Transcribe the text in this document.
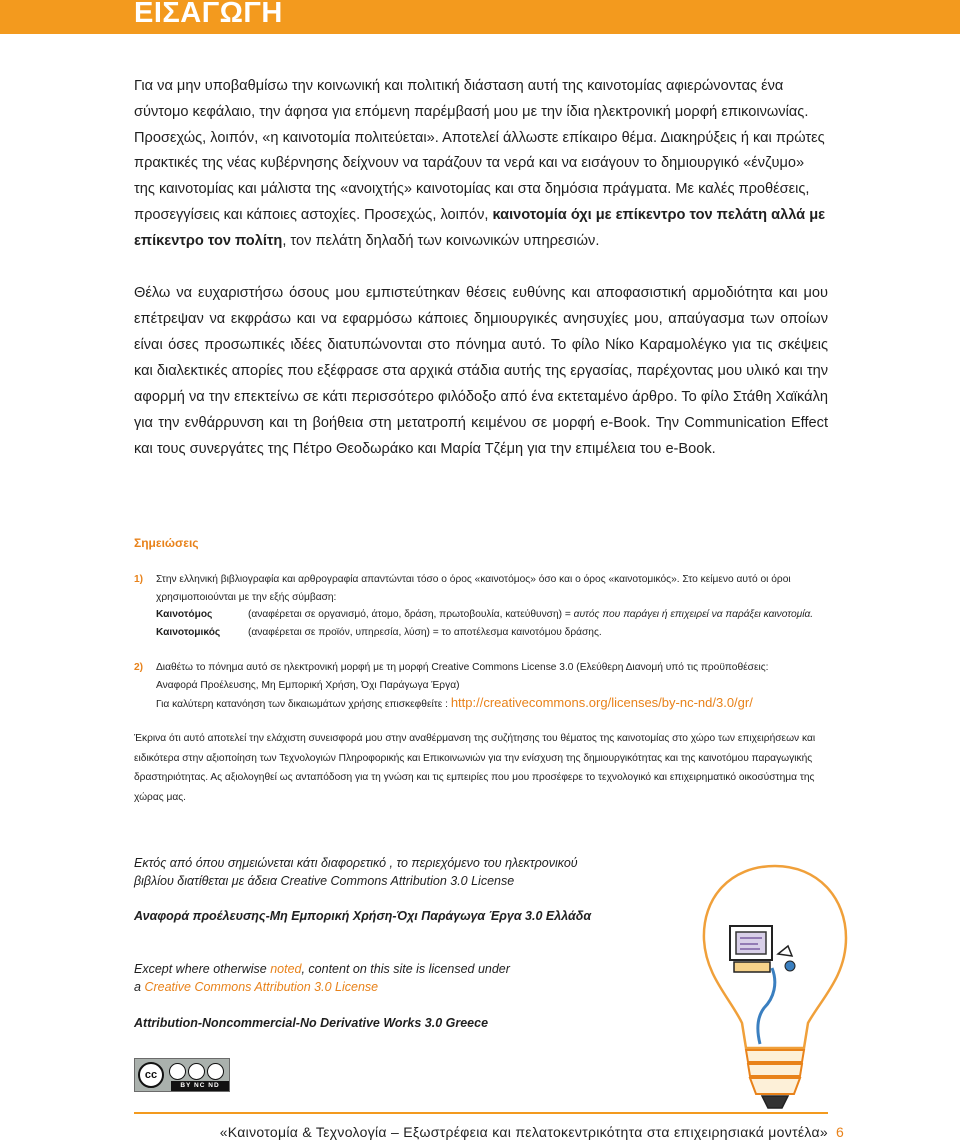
ΕΙΣΑΓΩΓΗ

Για να μην υποβαθμίσω την κοινωνική και πολιτική διάσταση αυτή της καινοτομίας αφιερώνοντας ένα σύντομο κεφάλαιο, την άφησα για επόμενη παρέμβασή μου με την ίδια ηλεκτρονική μορφή επικοινωνίας. Προσεχώς, λοιπόν, «η καινοτομία πολιτεύεται». Αποτελεί άλλωστε επίκαιρο θέμα. Διακηρύξεις ή και πρώτες πρακτικές της νέας κυβέρνησης δείχνουν να ταράζουν τα νερά και να εισάγουν το δημιουργικό «ένζυμο» της καινοτομίας και μάλιστα της «ανοιχτής» καινοτομίας και στα δημόσια πράγματα. Με καλές προθέσεις, προσεγγίσεις και κάποιες αστοχίες. Προσεχώς, λοιπόν, καινοτομία όχι με επίκεντρο τον πελάτη αλλά με επίκεντρο τον πολίτη, τον πελάτη δηλαδή των κοινωνικών υπηρεσιών.

Θέλω να ευχαριστήσω όσους μου εμπιστεύτηκαν θέσεις ευθύνης και αποφασιστική αρμοδιότητα και μου επέτρεψαν να εκφράσω και να εφαρμόσω κάποιες δημιουργικές ανησυχίες μου, απαύγασμα των οποίων είναι όσες προσωπικές ιδέες διατυπώνονται στο πόνημα αυτό. Το φίλο Νίκο Καραμολέγκο για τις σκέψεις και διαλεκτικές απορίες που εξέφρασε στα αρχικά στάδια αυτής της εργασίας, παρέχοντας μου υλικό και την αφορμή να την επεκτείνω σε κάτι περισσότερο φιλόδοξο από ένα εκτεταμένο άρθρο. Το φίλο Στάθη Χαϊκάλη για την ενθάρρυνση και τη βοήθεια στη μετατροπή κειμένου σε μορφή e-Book. Την Communication Effect και τους συνεργάτες της Πέτρο Θεοδωράκο και Μαρία Τζέμη για την επιμέλεια του e-Book.

Σημειώσεις

1) Στην ελληνική βιβλιογραφία και αρθρογραφία απαντώνται τόσο ο όρος «καινοτόμος» όσο και ο όρος «καινοτομικός». Στο κείμενο αυτό οι όροι χρησιμοποιούνται με την εξής σύμβαση:
Καινοτόμος	(αναφέρεται σε οργανισμό, άτομο, δράση, πρωτοβουλία, κατεύθυνση) = αυτός που παράγει ή επιχειρεί να παράξει καινοτομία.
Καινοτομικός	(αναφέρεται σε προϊόν, υπηρεσία, λύση) = το αποτέλεσμα καινοτόμου δράσης.
2) Διαθέτω το πόνημα αυτό σε ηλεκτρονική μορφή με τη μορφή Creative Commons License 3.0 (Ελεύθερη Διανομή υπό τις προϋποθέσεις:
Αναφορά Προέλευσης, Μη Εμπορική Χρήση, Όχι Παράγωγα Έργα)
Για καλύτερη κατανόηση των δικαιωμάτων χρήσης επισκεφθείτε : http://creativecommons.org/licenses/by-nc-nd/3.0/gr/

Έκρινα ότι αυτό αποτελεί την ελάχιστη συνεισφορά μου στην αναθέρμανση της συζήτησης του θέματος της καινοτομίας στο χώρο των επιχειρήσεων και ειδικότερα στην αξιοποίηση των Τεχνολογιών Πληροφορικής και Επικοινωνιών για την ενίσχυση της δημιουργικότητας και της καινοτόμου παραγωγικής δραστηριότητας. Ας αξιολογηθεί ως ανταπόδοση για τη γνώση και τις εμπειρίες που μου προσέφερε το τεχνολογικό και επιχειρηματικό οικοσύστημα της χώρας μας.

Εκτός από όπου σημειώνεται κάτι διαφορετικό , το περιεχόμενο του ηλεκτρονικού
βιβλίου διατίθεται με άδεια Creative Commons Attribution 3.0 License

Αναφορά προέλευσης-Μη Εμπορική Χρήση-Όχι Παράγωγα Έργα 3.0 Ελλάδα

Except where otherwise noted, content on this site is licensed under
a Creative Commons Attribution 3.0 License

Attribution-Noncommercial-No Derivative Works 3.0 Greece

cc
BY NC ND
«Καινοτομία & Τεχνολογία – Εξωστρέφεια και πελατοκεντρικότητα στα επιχειρησιακά μοντέλα» 6
